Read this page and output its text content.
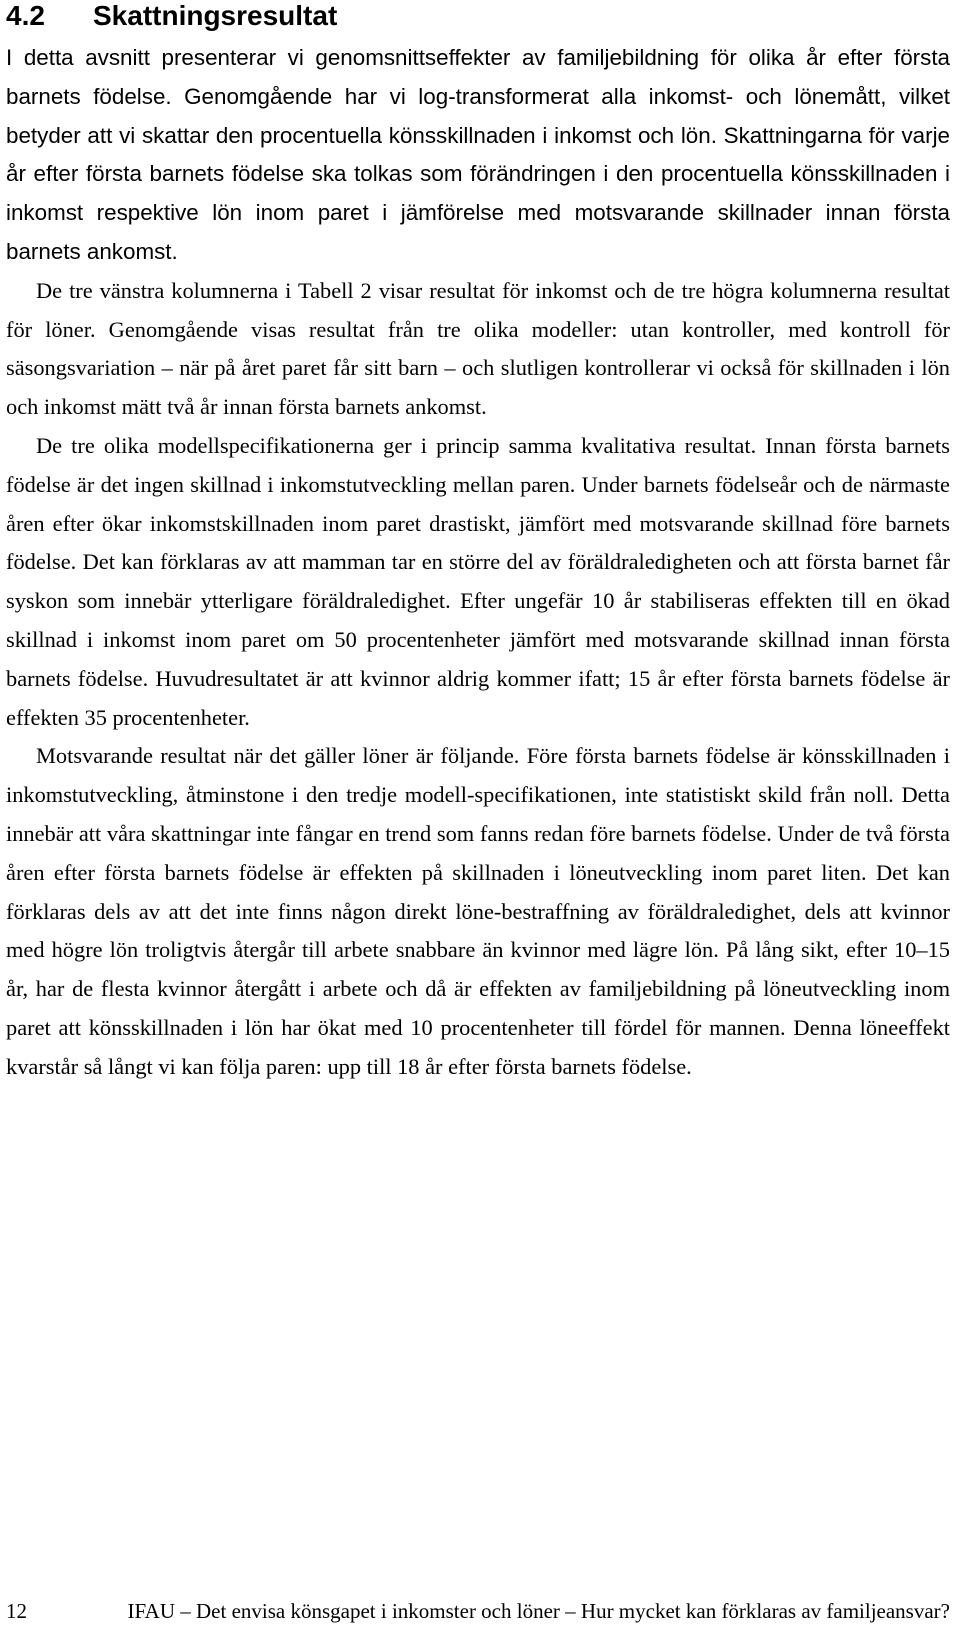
4.2 Skattningsresultat

I detta avsnitt presenterar vi genomsnittseffekter av familjebildning för olika år efter första barnets födelse. Genomgående har vi log-transformerat alla inkomst- och lönemått, vilket betyder att vi skattar den procentuella könsskillnaden i inkomst och lön. Skattningarna för varje år efter första barnets födelse ska tolkas som förändringen i den procentuella könsskillnaden i inkomst respektive lön inom paret i jämförelse med motsvarande skillnader innan första barnets ankomst.

De tre vänstra kolumnerna i Tabell 2 visar resultat för inkomst och de tre högra kolumnerna resultat för löner. Genomgående visas resultat från tre olika modeller: utan kontroller, med kontroll för säsongsvariation – när på året paret får sitt barn – och slutligen kontrollerar vi också för skillnaden i lön och inkomst mätt två år innan första barnets ankomst.

De tre olika modellspecifikationerna ger i princip samma kvalitativa resultat. Innan första barnets födelse är det ingen skillnad i inkomstutveckling mellan paren. Under barnets födelseår och de närmaste åren efter ökar inkomstskillnaden inom paret drastiskt, jämfört med motsvarande skillnad före barnets födelse. Det kan förklaras av att mamman tar en större del av föräldraledigheten och att första barnet får syskon som innebär ytterligare föräldraledighet. Efter ungefär 10 år stabiliseras effekten till en ökad skillnad i inkomst inom paret om 50 procentenheter jämfört med motsvarande skillnad innan första barnets födelse. Huvudresultatet är att kvinnor aldrig kommer ifatt; 15 år efter första barnets födelse är effekten 35 procentenheter.

Motsvarande resultat när det gäller löner är följande. Före första barnets födelse är könsskillnaden i inkomstutveckling, åtminstone i den tredje modell-specifikationen, inte statistiskt skild från noll. Detta innebär att våra skattningar inte fångar en trend som fanns redan före barnets födelse. Under de två första åren efter första barnets födelse är effekten på skillnaden i löneutveckling inom paret liten. Det kan förklaras dels av att det inte finns någon direkt löne-bestraffning av föräldraledighet, dels att kvinnor med högre lön troligtvis återgår till arbete snabbare än kvinnor med lägre lön. På lång sikt, efter 10–15 år, har de flesta kvinnor återgått i arbete och då är effekten av familjebildning på löneutveckling inom paret att könsskillnaden i lön har ökat med 10 procentenheter till fördel för mannen. Denna löneeffekt kvarstår så långt vi kan följa paren: upp till 18 år efter första barnets födelse.

12	IFAU – Det envisa könsgapet i inkomster och löner – Hur mycket kan förklaras av familjeansvar?
